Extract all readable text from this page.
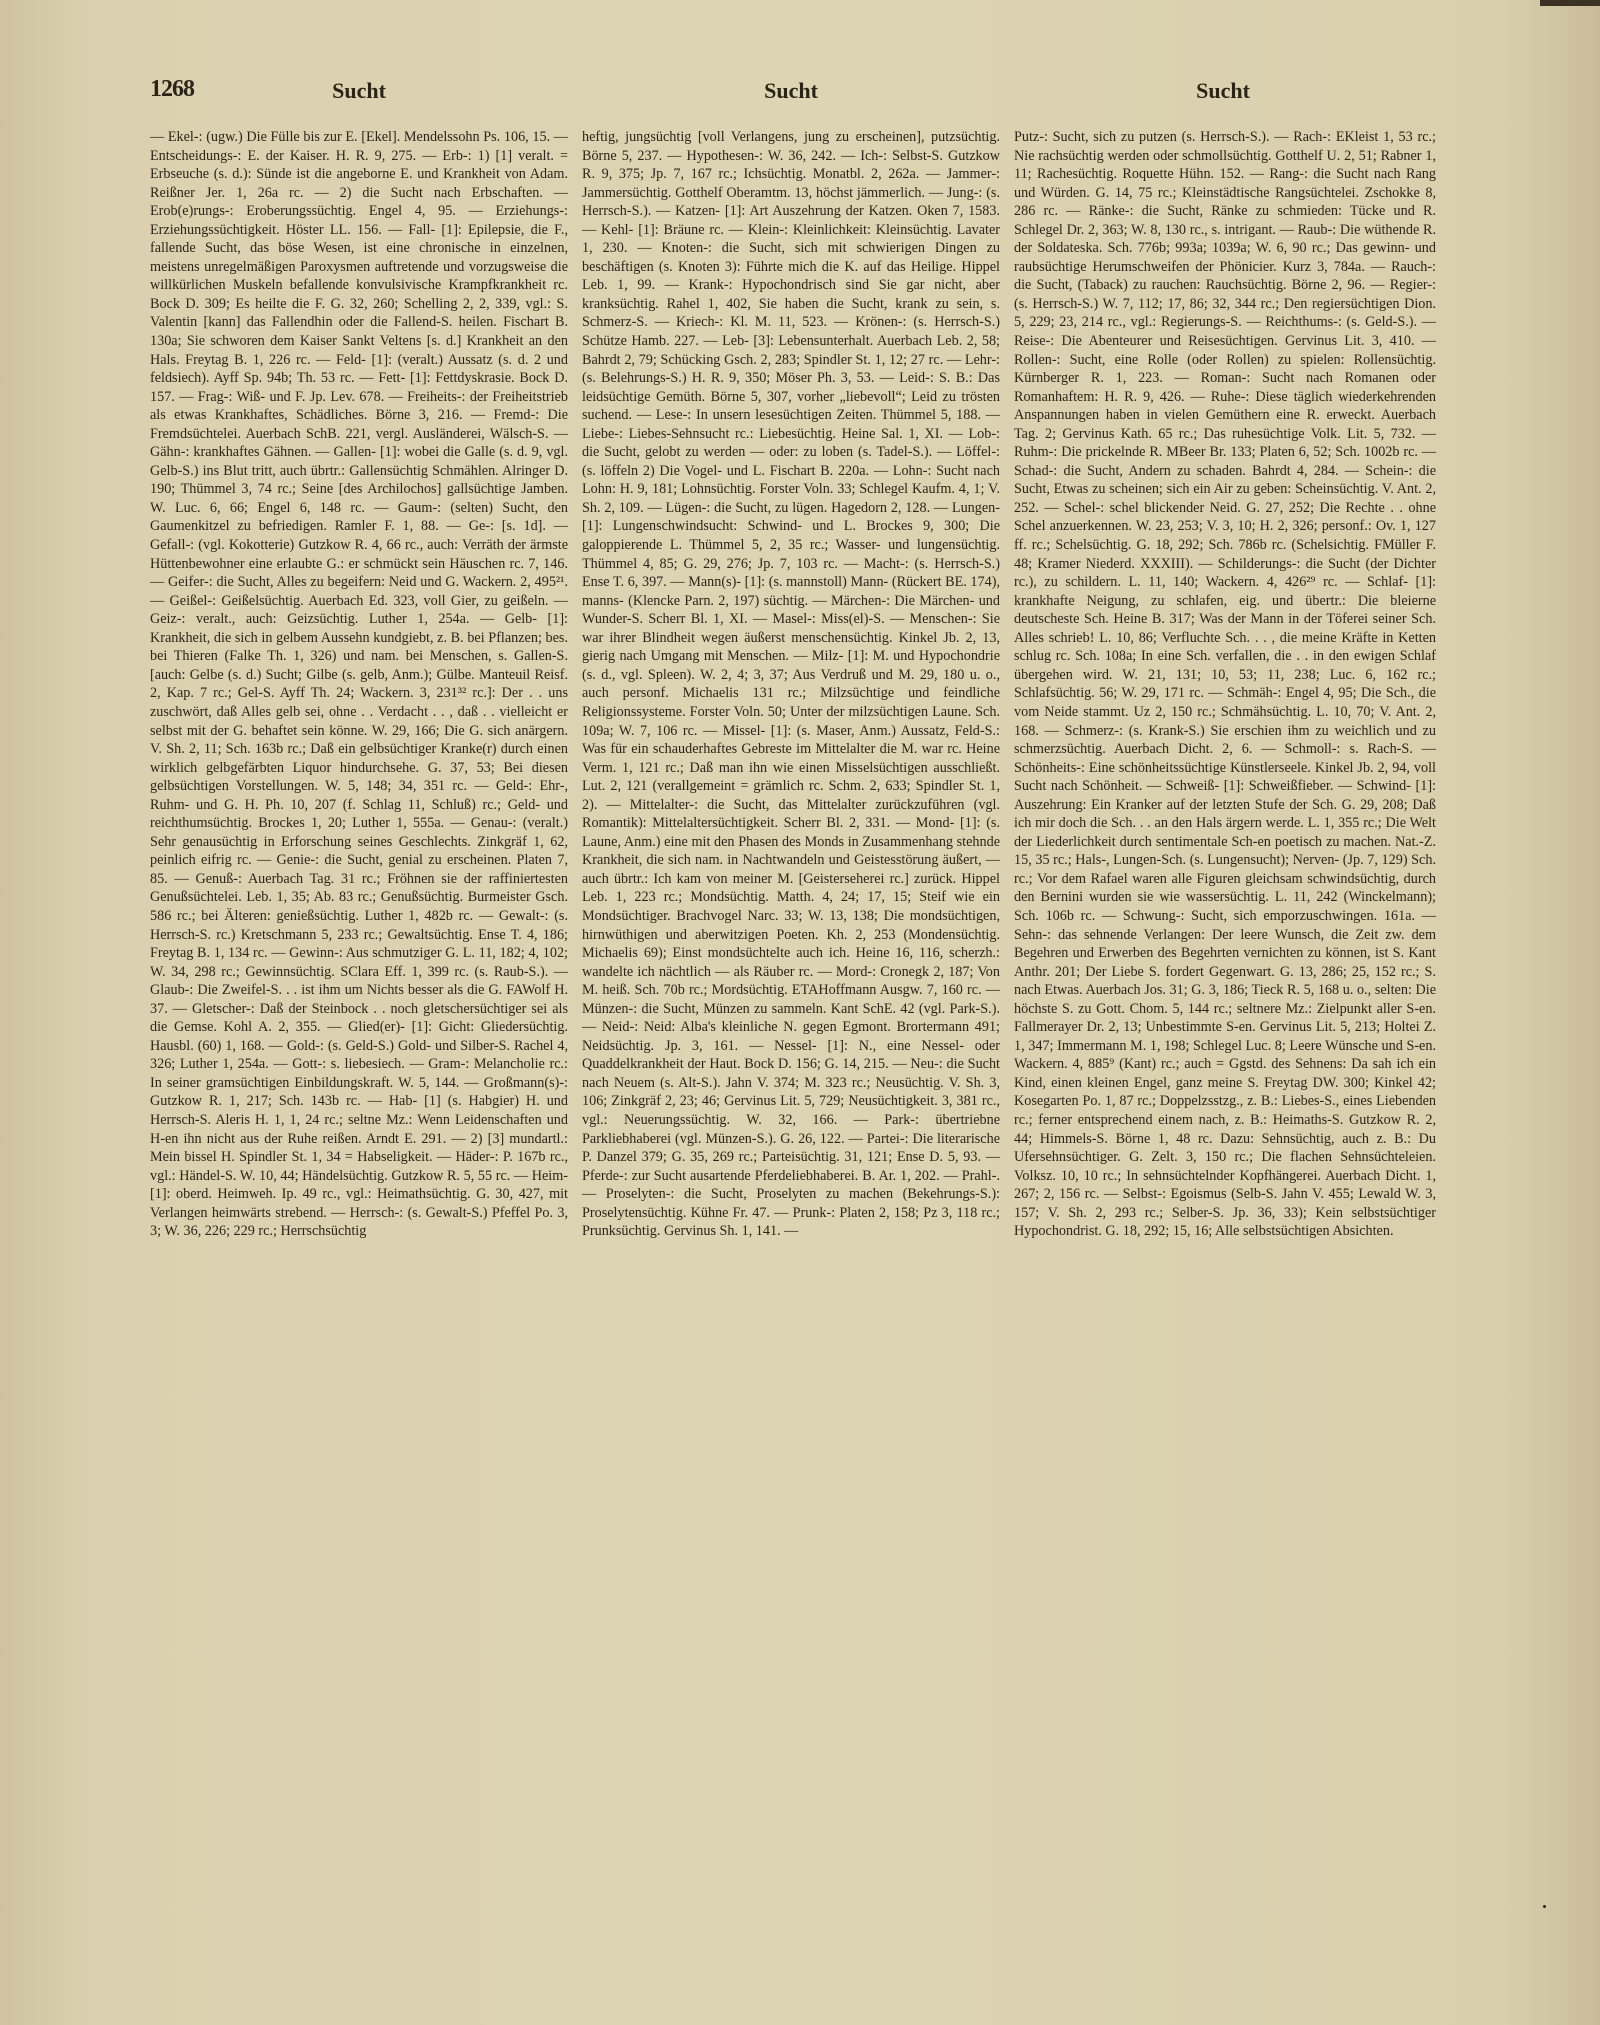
1268	Sucht	Sucht	Sucht
— Ekel-: (ugw.) Die Fülle bis zur E. [Ekel]. Mendelssohn Ps. 106, 15. — Entscheidungs-: E. der Kaiser. H. R. 9, 275. — Erb-: 1) [1] veralt. = Erbseuche (s. d.): Sünde ist die angeborne E. und Krankheit von Adam. Reißner Jer. 1, 26a rc. — 2) die Sucht nach Erbschaften. — Erob(e)rungs-: Eroberungssüchtig. Engel 4, 95. — Erziehungs-: Erziehungssüchtigkeit. Höster LL. 156. — Fall- [1]: Epilepsie, die F., fallende Sucht, das böse Wesen, ist eine chronische in einzelnen, meistens unregelmäßigen Paroxysmen auftretende und vorzugsweise die willkürlichen Muskeln befallende konvulsivische Krampfkrankheit rc. Bock D. 309; Es heilte die F. G. 32, 260; Schelling 2, 2, 339, vgl.: S. Valentin [kann] das Fallendhin oder die Fallend-S. heilen. Fischart B. 130a; Sie schworen dem Kaiser Sankt Veltens [s. d.] Krankheit an den Hals. Freytag B. 1, 226 rc. — Feld- [1]: (veralt.) Aussatz (s. d. 2 und feldsiech). Ayff Sp. 94b; Th. 53 rc. — Fett- [1]: Fettdyskrasie. Bock D. 157. — Frag-: Wiß- und F. Jp. Lev. 678. — Freiheits-: der Freiheitstrieb als etwas Krankhaftes, Schädliches. Börne 3, 216. — Fremd-: Die Fremdsüchtelei. Auerbach SchB. 221, vergl. Ausländerei, Wälsch-S. — Gähn-: krankhaftes Gähnen. — Gallen- [1]: wobei die Galle (s. d. 9, vgl. Gelb-S.) ins Blut tritt, auch übrtr.: Gallensüchtig Schmählen. Alringer D. 190; Thümmel 3, 74 rc.; Seine [des Archilochos] gallsüchtige Jamben. W. Luc. 6, 66; Engel 6, 148 rc. — Gaum-: (selten) Sucht, den Gaumenkitzel zu befriedigen. Ramler F. 1, 88. — Ge-: [s. 1d]. — Gefall-: (vgl. Kokotterie) Gutzkow R. 4, 66 rc., auch: Verräth der ärmste Hüttenbewohner eine erlaubte G.: er schmückt sein Häuschen rc. 7, 146. — Geifer-: die Sucht, Alles zu begeifern: Neid und G. Wackern. 2, 495²¹. — Geißel-: Geißelsüchtig. Auerbach Ed. 323, voll Gier, zu geißeln. — Geiz-: veralt., auch: Geizsüchtig. Luther 1, 254a. — Gelb- [1]: Krankheit, die sich in gelbem Aussehn kundgiebt, z. B. bei Pflanzen; bes. bei Thieren (Falke Th. 1, 326) und nam. bei Menschen, s. Gallen-S. [auch: Gelbe (s. d.) Sucht; Gilbe (s. gelb, Anm.); Gülbe. Manteuil Reisf. 2, Kap. 7 rc.; Gel-S. Ayff Th. 24; Wackern. 3, 231³² rc.]: Der . . uns zuschwört, daß Alles gelb sei, ohne . . Verdacht . . , daß . . vielleicht er selbst mit der G. behaftet sein könne. W. 29, 166; Die G. sich anärgern. V. Sh. 2, 11; Sch. 163b rc.; Daß ein gelbsüchtiger Kranke(r) durch einen wirklich gelbgefärbten Liquor hindurchsehe. G. 37, 53; Bei diesen gelbsüchtigen Vorstellungen. W. 5, 148; 34, 351 rc. — Geld-: Ehr-, Ruhm- und G. H. Ph. 10, 207 (f. Schlag 11, Schluß) rc.; Geld- und reichthumsüchtig. Brockes 1, 20; Luther 1, 555a. — Genau-: (veralt.) Sehr genausüchtig in Erforschung seines Geschlechts. Zinkgräf 1, 62, peinlich eifrig rc. — Genie-: die Sucht, genial zu erscheinen. Platen 7, 85. — Genuß-: Auerbach Tag. 31 rc.; Fröhnen sie der raffiniertesten Genußsüchtelei. Leb. 1, 35; Ab. 83 rc.; Genußsüchtig. Burmeister Gsch. 586 rc.; bei Älteren: genießsüchtig. Luther 1, 482b rc. — Gewalt-: (s. Herrsch-S. rc.) Kretschmann 5, 233 rc.; Gewaltsüchtig. Ense T. 4, 186; Freytag B. 1, 134 rc. — Gewinn-: Aus schmutziger G. L. 11, 182; 4, 102; W. 34, 298 rc.; Gewinnsüchtig. SClara Eff. 1, 399 rc. (s. Raub-S.). — Glaub-: Die Zweifel-S. . . ist ihm um Nichts besser als die G. FAWolf H. 37. — Gletscher-: Daß der Steinbock . . noch gletschersüchtiger sei als die Gemse. Kohl A. 2, 355. — Glied(er)- [1]: Gicht: Gliedersüchtig. Hausbl. (60) 1, 168. — Gold-: (s. Geld-S.) Gold- und Silber-S. Rachel 4, 326; Luther 1, 254a. — Gott-: s. liebesiech. — Gram-: Melancholie rc.: In seiner gramsüchtigen Einbildungskraft. W. 5, 144. — Großmann(s)-: Gutzkow R. 1, 217; Sch. 143b rc. — Hab- [1] (s. Habgier) H. und Herrsch-S. Aleris H. 1, 1, 24 rc.; seltne Mz.: Wenn Leidenschaften und H-en ihn nicht aus der Ruhe reißen. Arndt E. 291. — 2) [3] mundartl.: Mein bissel H. Spindler St. 1, 34 = Habseligkeit. — Häder-: P. 167b rc., vgl.: Händel-S. W. 10, 44; Händelsüchtig. Gutzkow R. 5, 55 rc. — Heim- [1]: oberd. Heimweh. Ip. 49 rc., vgl.: Heimathsüchtig. G. 30, 427, mit Verlangen heimwärts strebend. — Herrsch-: (s. Gewalt-S.) Pfeffel Po. 3, 3; W. 36, 226; 229 rc.; Herrschsüchtig
heftig, jungsüchtig [voll Verlangens, jung zu erscheinen], putzsüchtig. Börne 5, 237. — Hypothesen-: W. 36, 242. — Ich-: Selbst-S. Gutzkow R. 9, 375; Jp. 7, 167 rc.; Ichsüchtig. Monatbl. 2, 262a. — Jammer-: Jammersüchtig. Gotthelf Oberamtm. 13, höchst jämmerlich. — Jung-: (s. Herrsch-S.). — Katzen- [1]: Art Auszehrung der Katzen. Oken 7, 1583. — Kehl- [1]: Bräune rc. — Klein-: Kleinlichkeit: Kleinsüchtig. Lavater 1, 230. — Knoten-: die Sucht, sich mit schwierigen Dingen zu beschäftigen (s. Knoten 3): Führte mich die K. auf das Heilige. Hippel Leb. 1, 99. — Krank-: Hypochondrisch sind Sie gar nicht, aber kranksüchtig. Rahel 1, 402, Sie haben die Sucht, krank zu sein, s. Schmerz-S. — Kriech-: Kl. M. 11, 523. — Krönen-: (s. Herrsch-S.) Schütze Hamb. 227. — Leb- [3]: Lebensunterhalt. Auerbach Leb. 2, 58; Bahrdt 2, 79; Schücking Gsch. 2, 283; Spindler St. 1, 12; 27 rc. — Lehr-: (s. Belehrungs-S.) H. R. 9, 350; Möser Ph. 3, 53. — Leid-: S. B.: Das leidsüchtige Gemüth. Börne 5, 307, vorher „liebevoll“; Leid zu trösten suchend. — Lese-: In unsern lesesüchtigen Zeiten. Thümmel 5, 188. — Liebe-: Liebes-Sehnsucht rc.: Liebesüchtig. Heine Sal. 1, XI. — Lob-: die Sucht, gelobt zu werden — oder: zu loben (s. Tadel-S.). — Löffel-: (s. löffeln 2) Die Vogel- und L. Fischart B. 220a. — Lohn-: Sucht nach Lohn: H. 9, 181; Lohnsüchtig. Forster Voln. 33; Schlegel Kaufm. 4, 1; V. Sh. 2, 109. — Lügen-: die Sucht, zu lügen. Hagedorn 2, 128. — Lungen- [1]: Lungenschwindsucht: Schwind- und L. Brockes 9, 300; Die galoppierende L. Thümmel 5, 2, 35 rc.; Wasser- und lungensüchtig. Thümmel 4, 85; G. 29, 276; Jp. 7, 103 rc. — Macht-: (s. Herrsch-S.) Ense T. 6, 397. — Mann(s)- [1]: (s. mannstoll) Mann- (Rückert BE. 174), manns- (Klencke Parn. 2, 197) süchtig. — Märchen-: Die Märchen- und Wunder-S. Scherr Bl. 1, XI. — Masel-: Miss(el)-S. — Menschen-: Sie war ihrer Blindheit wegen äußerst menschensüchtig. Kinkel Jb. 2, 13, gierig nach Umgang mit Menschen. — Milz- [1]: M. und Hypochondrie (s. d., vgl. Spleen). W. 2, 4; 3, 37; Aus Verdruß und M. 29, 180 u. o., auch personf. Michaelis 131 rc.; Milzsüchtige und feindliche Religionssysteme. Forster Voln. 50; Unter der milzsüchtigen Laune. Sch. 109a; W. 7, 106 rc. — Missel- [1]: (s. Maser, Anm.) Aussatz, Feld-S.: Was für ein schauderhaftes Gebreste im Mittelalter die M. war rc. Heine Verm. 1, 121 rc.; Daß man ihn wie einen Misselsüchtigen ausschließt. Lut. 2, 121 (verallgemeint = grämlich rc. Schm. 2, 633; Spindler St. 1, 2). — Mittelalter-: die Sucht, das Mittelalter zurückzuführen (vgl. Romantik): Mittelaltersüchtigkeit. Scherr Bl. 2, 331. — Mond- [1]: (s. Laune, Anm.) eine mit den Phasen des Monds in Zusammenhang stehnde Krankheit, die sich nam. in Nachtwandeln und Geistesstörung äußert, — auch übrtr.: Ich kam von meiner M. [Geisterseherei rc.] zurück. Hippel Leb. 1, 223 rc.; Mondsüchtig. Matth. 4, 24; 17, 15; Steif wie ein Mondsüchtiger. Brachvogel Narc. 33; W. 13, 138; Die mondsüchtigen, hirnwüthigen und aberwitzigen Poeten. Kh. 2, 253 (Mondensüchtig. Michaelis 69); Einst mondsüchtelte auch ich. Heine 16, 116, scherzh.: wandelte ich nächtlich — als Räuber rc. — Mord-: Cronegk 2, 187; Von M. heiß. Sch. 70b rc.; Mordsüchtig. ETAHoffmann Ausgw. 7, 160 rc. — Münzen-: die Sucht, Münzen zu sammeln. Kant SchE. 42 (vgl. Park-S.). — Neid-: Neid: Alba's kleinliche N. gegen Egmont. Brortermann 491; Neidsüchtig. Jp. 3, 161. — Nessel- [1]: N., eine Nessel- oder Quaddelkrankheit der Haut. Bock D. 156; G. 14, 215. — Neu-: die Sucht nach Neuem (s. Alt-S.). Jahn V. 374; M. 323 rc.; Neusüchtig. V. Sh. 3, 106; Zinkgräf 2, 23; 46; Gervinus Lit. 5, 729; Neusüchtigkeit. 3, 381 rc., vgl.: Neuerungssüchtig. W. 32, 166. — Park-: übertriebne Parkliebhaberei (vgl. Münzen-S.). G. 26, 122. — Partei-: Die literarische P. Danzel 379; G. 35, 269 rc.; Parteisüchtig. 31, 121; Ense D. 5, 93. — Pferde-: zur Sucht ausartende Pferdeliebhaberei. B. Ar. 1, 202. — Prahl-. — Proselyten-: die Sucht, Proselyten zu machen (Bekehrungs-S.): Proselytensüchtig. Kühne Fr. 47. — Prunk-: Platen 2, 158; Pz 3, 118 rc.; Prunksüchtig. Gervinus Sh. 1, 141. —
Putz-: Sucht, sich zu putzen (s. Herrsch-S.). — Rach-: EKleist 1, 53 rc.; Nie rachsüchtig werden oder schmollsüchtig. Gotthelf U. 2, 51; Rabner 1, 11; Rachesüchtig. Roquette Hühn. 152. — Rang-: die Sucht nach Rang und Würden. G. 14, 75 rc.; Kleinstädtische Rangsüchtelei. Zschokke 8, 286 rc. — Ränke-: die Sucht, Ränke zu schmieden: Tücke und R. Schlegel Dr. 2, 363; W. 8, 130 rc., s. intrigant. — Raub-: Die wüthende R. der Soldateska. Sch. 776b; 993a; 1039a; W. 6, 90 rc.; Das gewinn- und raubsüchtige Herumschweifen der Phönicier. Kurz 3, 784a. — Rauch-: die Sucht, (Taback) zu rauchen: Rauchsüchtig. Börne 2, 96. — Regier-: (s. Herrsch-S.) W. 7, 112; 17, 86; 32, 344 rc.; Den regiersüchtigen Dion. 5, 229; 23, 214 rc., vgl.: Regierungs-S. — Reichthums-: (s. Geld-S.). — Reise-: Die Abenteurer und Reisesüchtigen. Gervinus Lit. 3, 410. — Rollen-: Sucht, eine Rolle (oder Rollen) zu spielen: Rollensüchtig. Kürnberger R. 1, 223. — Roman-: Sucht nach Romanen oder Romanhaftem: H. R. 9, 426. — Ruhe-: Diese täglich wiederkehrenden Anspannungen haben in vielen Gemüthern eine R. erweckt. Auerbach Tag. 2; Gervinus Kath. 65 rc.; Das ruhesüchtige Volk. Lit. 5, 732. — Ruhm-: Die prickelnde R. MBeer Br. 133; Platen 6, 52; Sch. 1002b rc. — Schad-: die Sucht, Andern zu schaden. Bahrdt 4, 284. — Schein-: die Sucht, Etwas zu scheinen; sich ein Air zu geben: Scheinsüchtig. V. Ant. 2, 252. — Schel-: schel blickender Neid. G. 27, 252; Die Rechte . . ohne Schel anzuerkennen. W. 23, 253; V. 3, 10; H. 2, 326; personf.: Ov. 1, 127 ff. rc.; Schelsüchtig. G. 18, 292; Sch. 786b rc. (Schelsichtig. FMüller F. 48; Kramer Niederd. XXXIII). — Schilderungs-: die Sucht (der Dichter rc.), zu schildern. L. 11, 140; Wackern. 4, 426²⁹ rc. — Schlaf- [1]: krankhafte Neigung, zu schlafen, eig. und übertr.: Die bleierne deutscheste Sch. Heine B. 317; Was der Mann in der Töferei seiner Sch. Alles schrieb! L. 10, 86; Verfluchte Sch. . . , die meine Kräfte in Ketten schlug rc. Sch. 108a; In eine Sch. verfallen, die . . in den ewigen Schlaf übergehen wird. W. 21, 131; 10, 53; 11, 238; Luc. 6, 162 rc.; Schlafsüchtig. 56; W. 29, 171 rc. — Schmäh-: Engel 4, 95; Die Sch., die vom Neide stammt. Uz 2, 150 rc.; Schmähsüchtig. L. 10, 70; V. Ant. 2, 168. — Schmerz-: (s. Krank-S.) Sie erschien ihm zu weichlich und zu schmerzsüchtig. Auerbach Dicht. 2, 6. — Schmoll-: s. Rach-S. — Schönheits-: Eine schönheitssüchtige Künstlerseele. Kinkel Jb. 2, 94, voll Sucht nach Schönheit. — Schweiß- [1]: Schweißfieber. — Schwind- [1]: Auszehrung: Ein Kranker auf der letzten Stufe der Sch. G. 29, 208; Daß ich mir doch die Sch. . . an den Hals ärgern werde. L. 1, 355 rc.; Die Welt der Liederlichkeit durch sentimentale Sch-en poetisch zu machen. Nat.-Z. 15, 35 rc.; Hals-, Lungen-Sch. (s. Lungensucht); Nerven- (Jp. 7, 129) Sch. rc.; Vor dem Rafael waren alle Figuren gleichsam schwindsüchtig, durch den Bernini wurden sie wie wassersüchtig. L. 11, 242 (Winckelmann); Sch. 106b rc. — Schwung-: Sucht, sich emporzuschwingen. 161a. — Sehn-: das sehnende Verlangen: Der leere Wunsch, die Zeit zw. dem Begehren und Erwerben des Begehrten vernichten zu können, ist S. Kant Anthr. 201; Der Liebe S. fordert Gegenwart. G. 13, 286; 25, 152 rc.; S. nach Etwas. Auerbach Jos. 31; G. 3, 186; Tieck R. 5, 168 u. o., selten: Die höchste S. zu Gott. Chom. 5, 144 rc.; seltnere Mz.: Zielpunkt aller S-en. Fallmerayer Dr. 2, 13; Unbestimmte S-en. Gervinus Lit. 5, 213; Holtei Z. 1, 347; Immermann M. 1, 198; Schlegel Luc. 8; Leere Wünsche und S-en. Wackern. 4, 885⁹ (Kant) rc.; auch = Ggstd. des Sehnens: Da sah ich ein Kind, einen kleinen Engel, ganz meine S. Freytag DW. 300; Kinkel 42; Kosegarten Po. 1, 87 rc.; Doppelzsstzg., z. B.: Liebes-S., eines Liebenden rc.; ferner entsprechend einem nach, z. B.: Heimaths-S. Gutzkow R. 2, 44; Himmels-S. Börne 1, 48 rc. Dazu: Sehnsüchtig, auch z. B.: Du Ufersehnsüchtiger. G. Zelt. 3, 150 rc.; Die flachen Sehnsüchteleien. Volksz. 10, 10 rc.; In sehnsüchtelnder Kopfhängerei. Auerbach Dicht. 1, 267; 2, 156 rc. — Selbst-: Egoismus (Selb-S. Jahn V. 455; Lewald W. 3, 157; V. Sh. 2, 293 rc.; Selber-S. Jp. 36, 33); Kein selbstsüchtiger Hypochondrist. G. 18, 292; 15, 16; Alle selbstsüchtigen Absichten.
